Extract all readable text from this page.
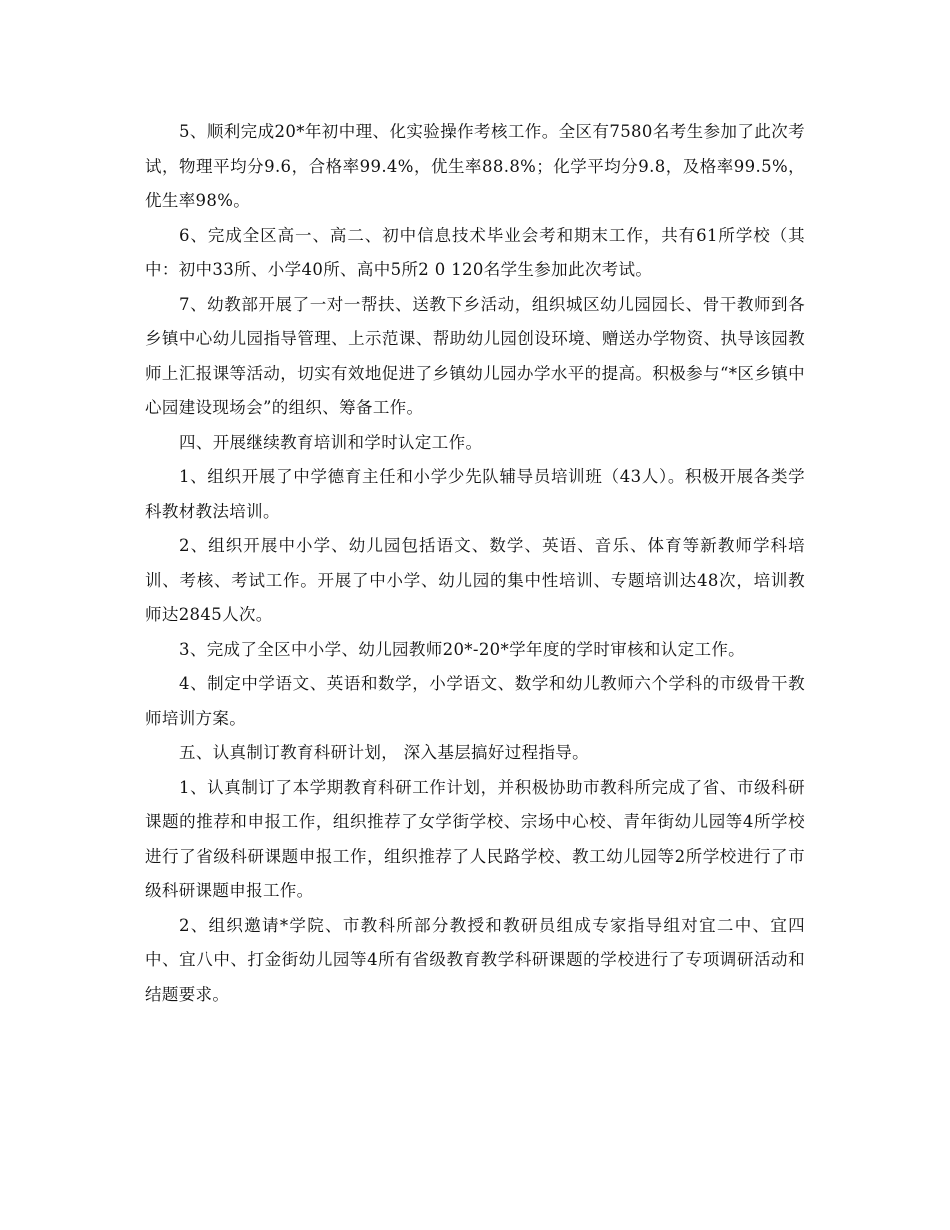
5、顺利完成20*年初中理、化实验操作考核工作。全区有7580名考生参加了此次考试，物理平均分9.6，合格率99.4%，优生率88.8%；化学平均分9.8，及格率99.5%，优生率98%。

6、完成全区高一、高二、初中信息技术毕业会考和期末工作，共有61所学校（其中：初中33所、小学40所、高中5所2 0 120名学生参加此次考试。

7、幼教部开展了一对一帮扶、送教下乡活动，组织城区幼儿园园长、骨干教师到各乡镇中心幼儿园指导管理、上示范课、帮助幼儿园创设环境、赠送办学物资、执导该园教师上汇报课等活动，切实有效地促进了乡镇幼儿园办学水平的提高。积极参与“*区乡镇中心园建设现场会”的组织、筹备工作。

四、开展继续教育培训和学时认定工作。

1、组织开展了中学德育主任和小学少先队辅导员培训班（43人）。积极开展各类学科教材教法培训。

2、组织开展中小学、幼儿园包括语文、数学、英语、音乐、体育等新教师学科培训、考核、考试工作。开展了中小学、幼儿园的集中性培训、专题培训达48次，培训教师达2845人次。

3、完成了全区中小学、幼儿园教师20*-20*学年度的学时审核和认定工作。

4、制定中学语文、英语和数学，小学语文、数学和幼儿教师六个学科的市级骨干教师培训方案。

五、认真制订教育科研计划， 深入基层搞好过程指导。

1、认真制订了本学期教育科研工作计划，并积极协助市教科所完成了省、市级科研课题的推荐和申报工作，组织推荐了女学街学校、宗场中心校、青年街幼儿园等4所学校进行了省级科研课题申报工作，组织推荐了人民路学校、教工幼儿园等2所学校进行了市级科研课题申报工作。

2、组织邀请*学院、市教科所部分教授和教研员组成专家指导组对宜二中、宜四中、宜八中、打金街幼儿园等4所有省级教育教学科研课题的学校进行了专项调研活动和结题要求。
